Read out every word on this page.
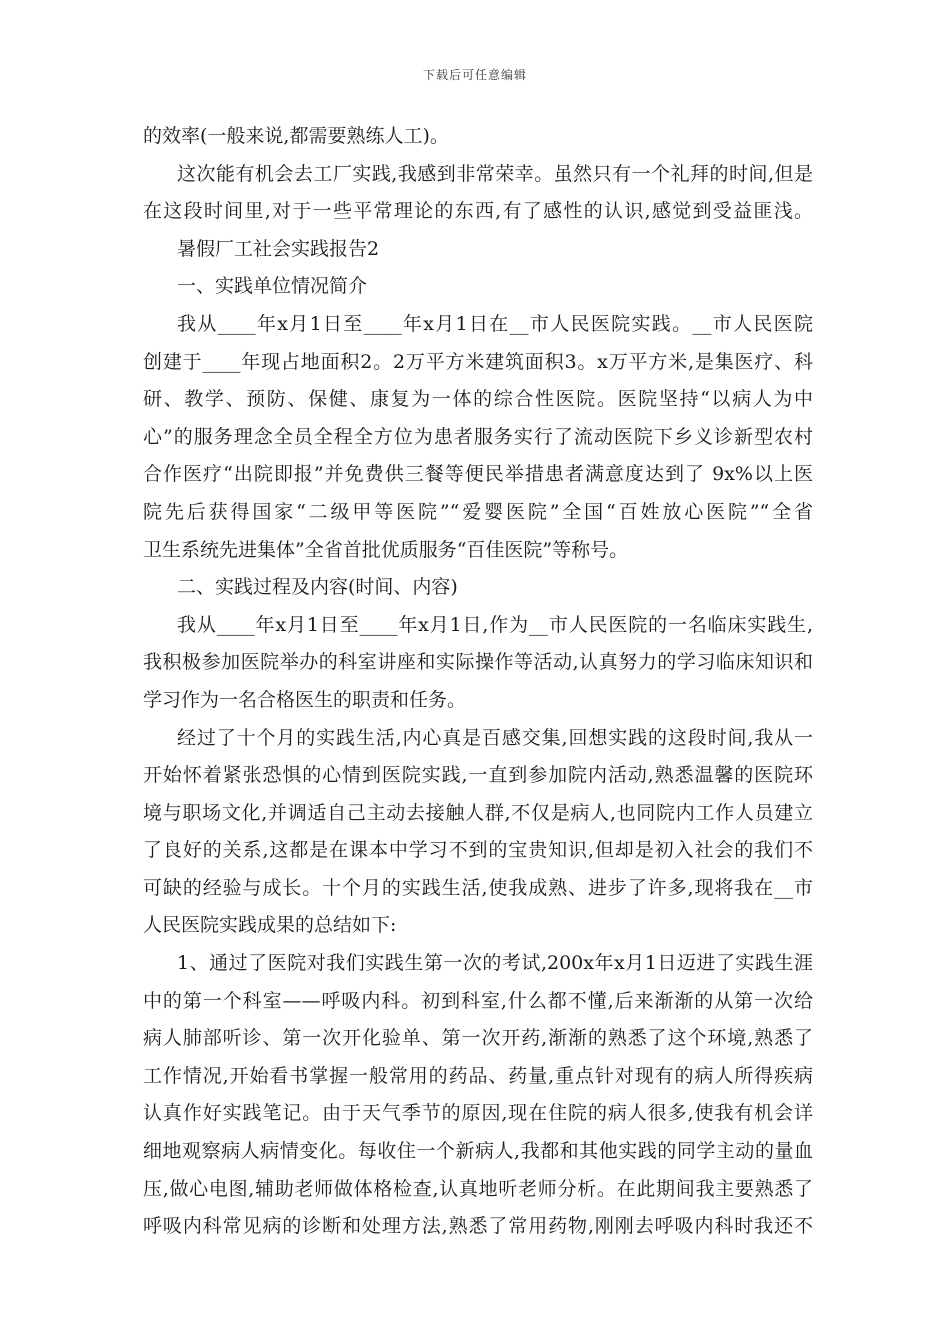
下载后可任意编辑
的效率(一般来说,都需要熟练人工)。
这次能有机会去工厂实践,我感到非常荣幸。虽然只有一个礼拜的时间,但是
在这段时间里,对于一些平常理论的东西,有了感性的认识,感觉到受益匪浅。
暑假厂工社会实践报告2
一、实践单位情况简介
我从____年x月1日至____年x月1日在__市人民医院实践。__市人民医院
创建于____年现占地面积2。2万平方米建筑面积3。x万平方米,是集医疗、科
研、教学、预防、保健、康复为一体的综合性医院。医院坚持“以病人为中
心”的服务理念全员全程全方位为患者服务实行了流动医院下乡义诊新型农村
合作医疗“出院即报”并免费供三餐等便民举措患者满意度达到了 9x%以上医
院先后获得国家“二级甲等医院”“爱婴医院”全国“百姓放心医院”“全省
卫生系统先进集体”全省首批优质服务“百佳医院”等称号。
二、实践过程及内容(时间、内容)
我从____年x月1日至____年x月1日,作为__市人民医院的一名临床实践生,
我积极参加医院举办的科室讲座和实际操作等活动,认真努力的学习临床知识和
学习作为一名合格医生的职责和任务。
经过了十个月的实践生活,内心真是百感交集,回想实践的这段时间,我从一
开始怀着紧张恐惧的心情到医院实践,一直到参加院内活动,熟悉温馨的医院环
境与职场文化,并调适自己主动去接触人群,不仅是病人,也同院内工作人员建立
了良好的关系,这都是在课本中学习不到的宝贵知识,但却是初入社会的我们不
可缺的经验与成长。十个月的实践生活,使我成熟、进步了许多,现将我在__市
人民医院实践成果的总结如下:
1、通过了医院对我们实践生第一次的考试,200x年x月1日迈进了实践生涯
中的第一个科室——呼吸内科。初到科室,什么都不懂,后来渐渐的从第一次给
病人肺部听诊、第一次开化验单、第一次开药,渐渐的熟悉了这个环境,熟悉了
工作情况,开始看书掌握一般常用的药品、药量,重点针对现有的病人所得疾病
认真作好实践笔记。由于天气季节的原因,现在住院的病人很多,使我有机会详
细地观察病人病情变化。每收住一个新病人,我都和其他实践的同学主动的量血
压,做心电图,辅助老师做体格检查,认真地听老师分析。在此期间我主要熟悉了
呼吸内科常见病的诊断和处理方法,熟悉了常用药物,刚刚去呼吸内科时我还不
